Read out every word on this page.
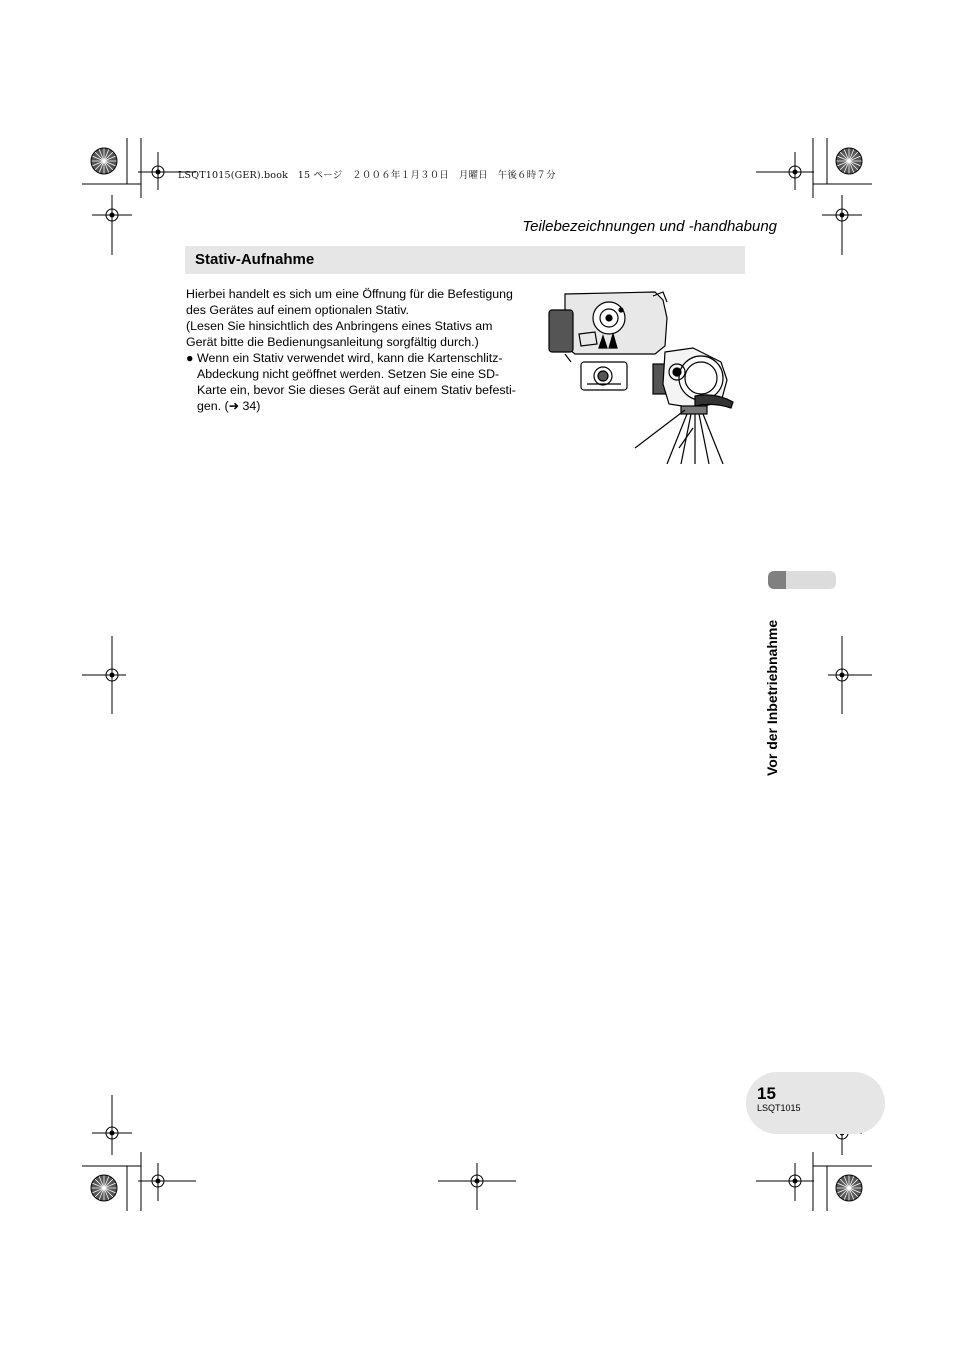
LSQT1015(GER).book　15 ページ　２００６年１月３０日　月曜日　午後６時７分
Teilebezeichnungen und -handhabung
Stativ-Aufnahme

Hierbei handelt es sich um eine Öffnung für die Befestigung

des Gerätes auf einem optionalen Stativ.

(Lesen Sie hinsichtlich des Anbringens eines Stativs am

Gerät bitte die Bedienungsanleitung sorgfältig durch.)

● Wenn ein Stativ verwendet wird, kann die Kartenschlitz-

Abdeckung nicht geöffnet werden. Setzen Sie eine SD-

Karte ein, bevor Sie dieses Gerät auf einem Stativ befesti-

gen. (➜ 34)

Vor der Inbetriebnahme
15
LSQT1015
